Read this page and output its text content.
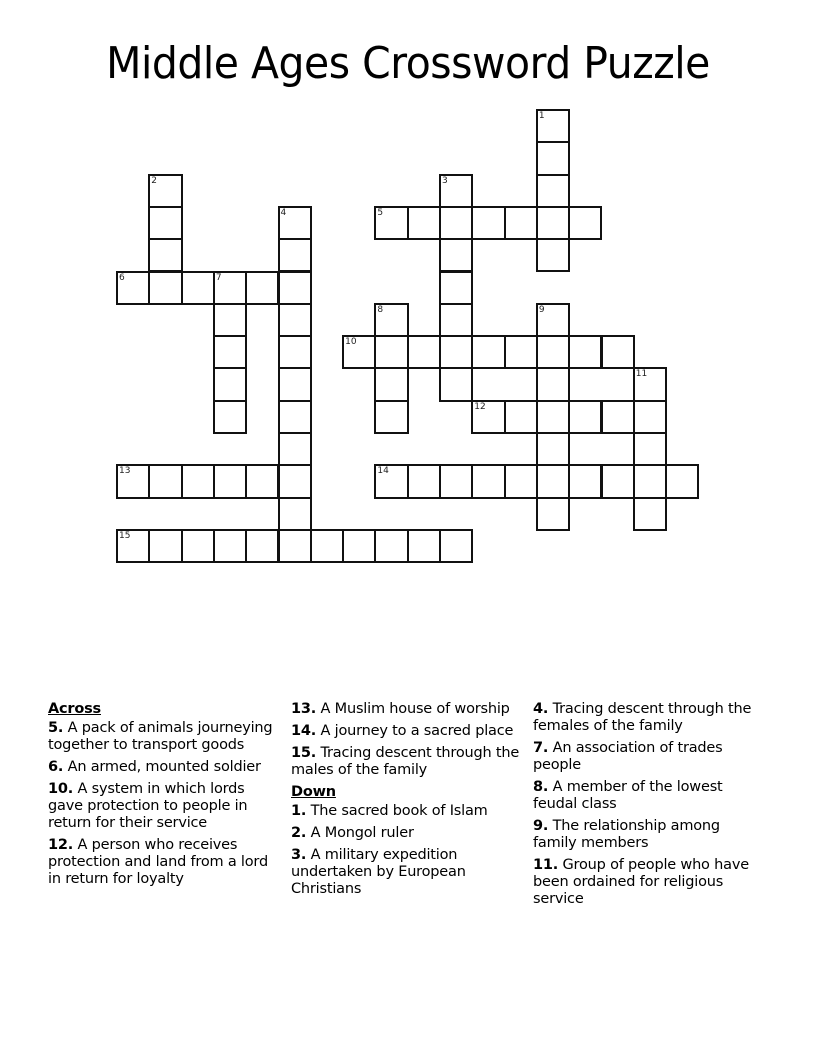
Middle Ages Crossword Puzzle
1
2	3
4	5
6	7
8	9
10
11
12
13	14
15
Across
5. A pack of animals journeying together to transport goods
6. An armed, mounted soldier
10. A system in which lords gave protection to people in return for their service
12. A person who receives protection and land from a lord in return for loyalty
13. A Muslim house of worship
14. A journey to a sacred place
15. Tracing descent through the males of the family
Down
1. The sacred book of Islam
2. A Mongol ruler
3. A military expedition undertaken by European Christians
4. Tracing descent through the females of the family
7. An association of trades people
8. A member of the lowest feudal class
9. The relationship among family members
11. Group of people who have been ordained for religious service
